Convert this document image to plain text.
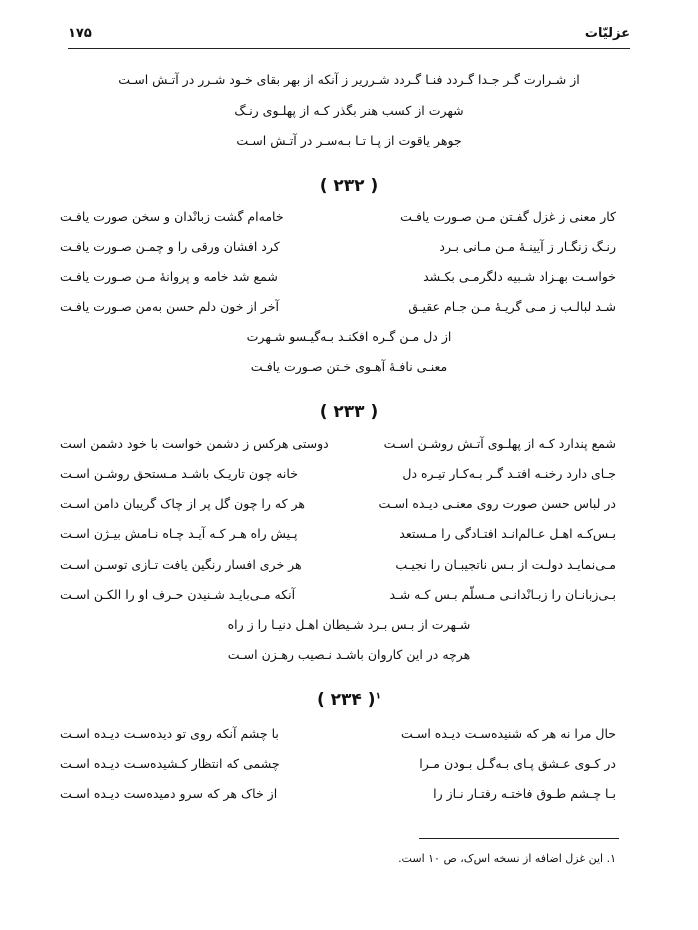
۱۷۵	عزلیّات
از شـرارت گـر جـدا گـردد فنـا گـردد شـرریر ز آنکه از بهر بقای خـود شـرر در آتـش اسـت
شهرت از کسب هنر بگذر کـه از پهلـوی رنـگ
جوهر یاقوت از پـا تـا بـه‌سـر در آتـش اسـت
( ۲۳۲ )
کار معنی ز غزل گفـتن مـن صـورت یافـت
خامه‌ام گشت زبانْدان و سخن صورت یافـت
رنـگ زنگـار ز آیینـهٔ مـن مـانی بـرد
کرد افشان ورقی را و چمـن صـورت یافـت
خواسـت بهـزاد شـبیه دلگرمـی بکـشد
شمع شد خامه و پروانهٔ مـن صـورت یافـت
شـد لبالـب ز مـی گریـهٔ مـن جـام عقیـق
آخر از خون دلم حسن به‌من صـورت یافـت
از دل مـن گـره افکنـد بـه‌گیـسو شـهرت
معنـی نافـهٔ آهـوی خـتن صـورت یافـت
( ۲۳۳ )
شمع پندارد کـه از پهلـوی آتـش روشـن اسـت
دوستی هرکس ز دشمن خواست با خود دشمن است
جـای دارد رخنـه افتـد گـر بـه‌کـار تیـره دل
خانه چون تاریـک باشـد مـستحق روشـن اسـت
در لباس حسن صورت روی معنـی دیـده اسـت
هر که را چون گل پر از چاک گریبان دامن اسـت
بـس‌کـه اهـل عـالم‌انـد افتـادگی را مـستعد
پـیش راه هـر کـه آیـد چـاه نـامش بیـژن اسـت
مـی‌نمایـد دولـت از بـس ناتجیبـان را نجیـب
هر خری افسار رنگین یافت تـازی توسـن اسـت
بـی‌زبانـان را زبـانْدانـی مـسلّم بـس کـه شـد
آنکه مـی‌بایـد شـنیدن حـرف او را الکـن اسـت
شـهرت از بـس بـرد شـیطان اهـل دنیـا را ز راه
هرچه در این کاروان باشـد نـصیب رهـزن اسـت
( ۲۳۴ )$^۱$
حال مرا نه هر که شنیده‌سـت دیـده اسـت
با چشم آنکه روی تو دیده‌سـت دیـده اسـت
در کـوی عـشق پـای بـه‌گـل بـودن مـرا
چشمی که انتظار کـشیده‌سـت دیـده اسـت
بـا چـشم طـوق فاختـه رفتـار نـاز را
از خاک هر که سرو دمیده‌ست دیـده اسـت
۱. این غزل اضافه از نسخه اس‌ک، ص ۱۰ است.
